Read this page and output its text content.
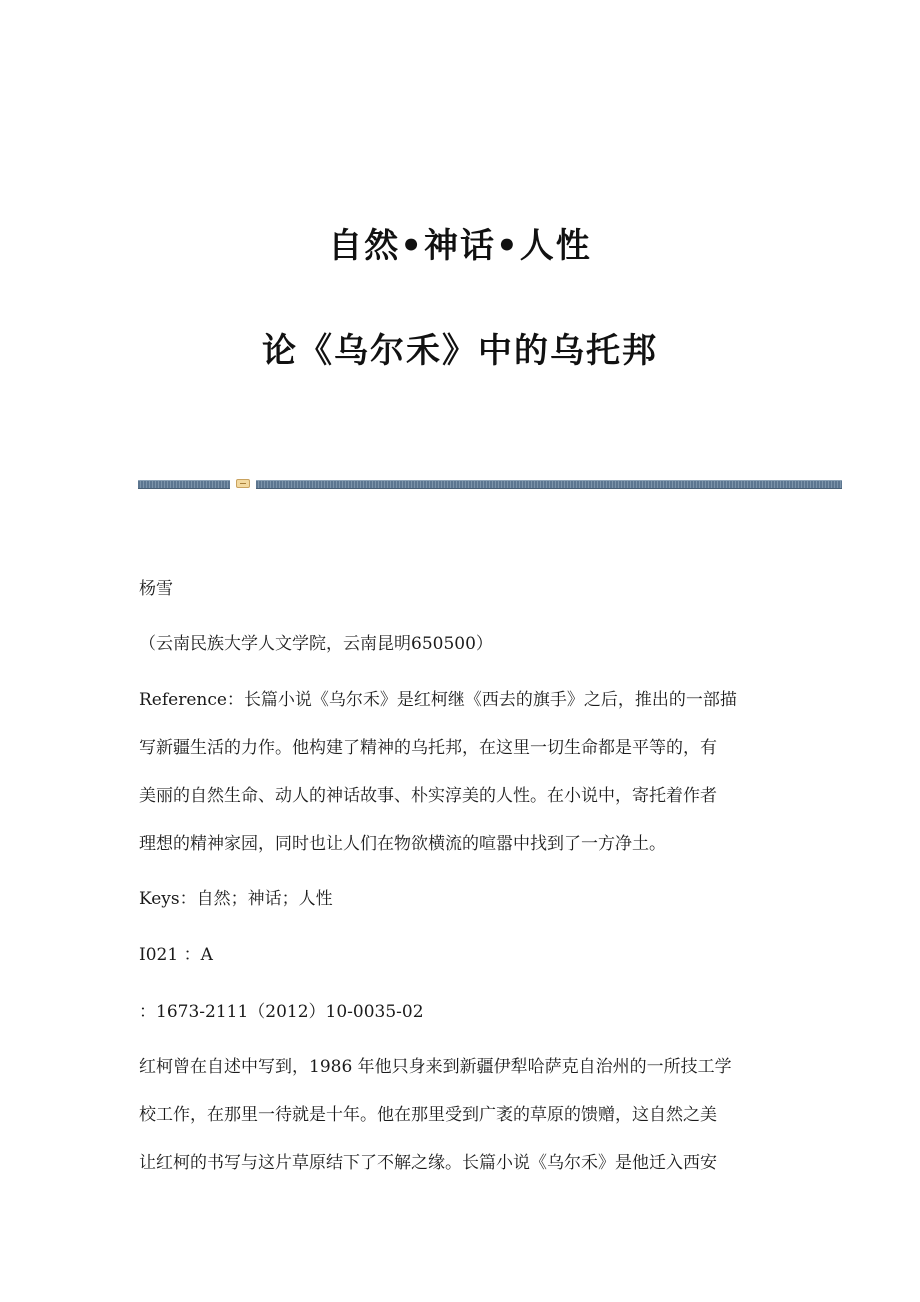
自然•神话•人性
论《乌尔禾》中的乌托邦
杨雪
（云南民族大学人文学院，云南昆明650500）
Reference：长篇小说《乌尔禾》是红柯继《西去的旗手》之后，推出的一部描
写新疆生活的力作。他构建了精神的乌托邦，在这里一切生命都是平等的，有
美丽的自然生命、动人的神话故事、朴实淳美的人性。在小说中，寄托着作者
理想的精神家园，同时也让人们在物欲横流的喧嚣中找到了一方净土。
Keys：自然；神话；人性
I021 ：A
：1673-2111（2012）10-0035-02
红柯曾在自述中写到，1986 年他只身来到新疆伊犁哈萨克自治州的一所技工学
校工作，在那里一待就是十年。他在那里受到广袤的草原的馈赠，这自然之美
让红柯的书写与这片草原结下了不解之缘。长篇小说《乌尔禾》是他迁入西安
